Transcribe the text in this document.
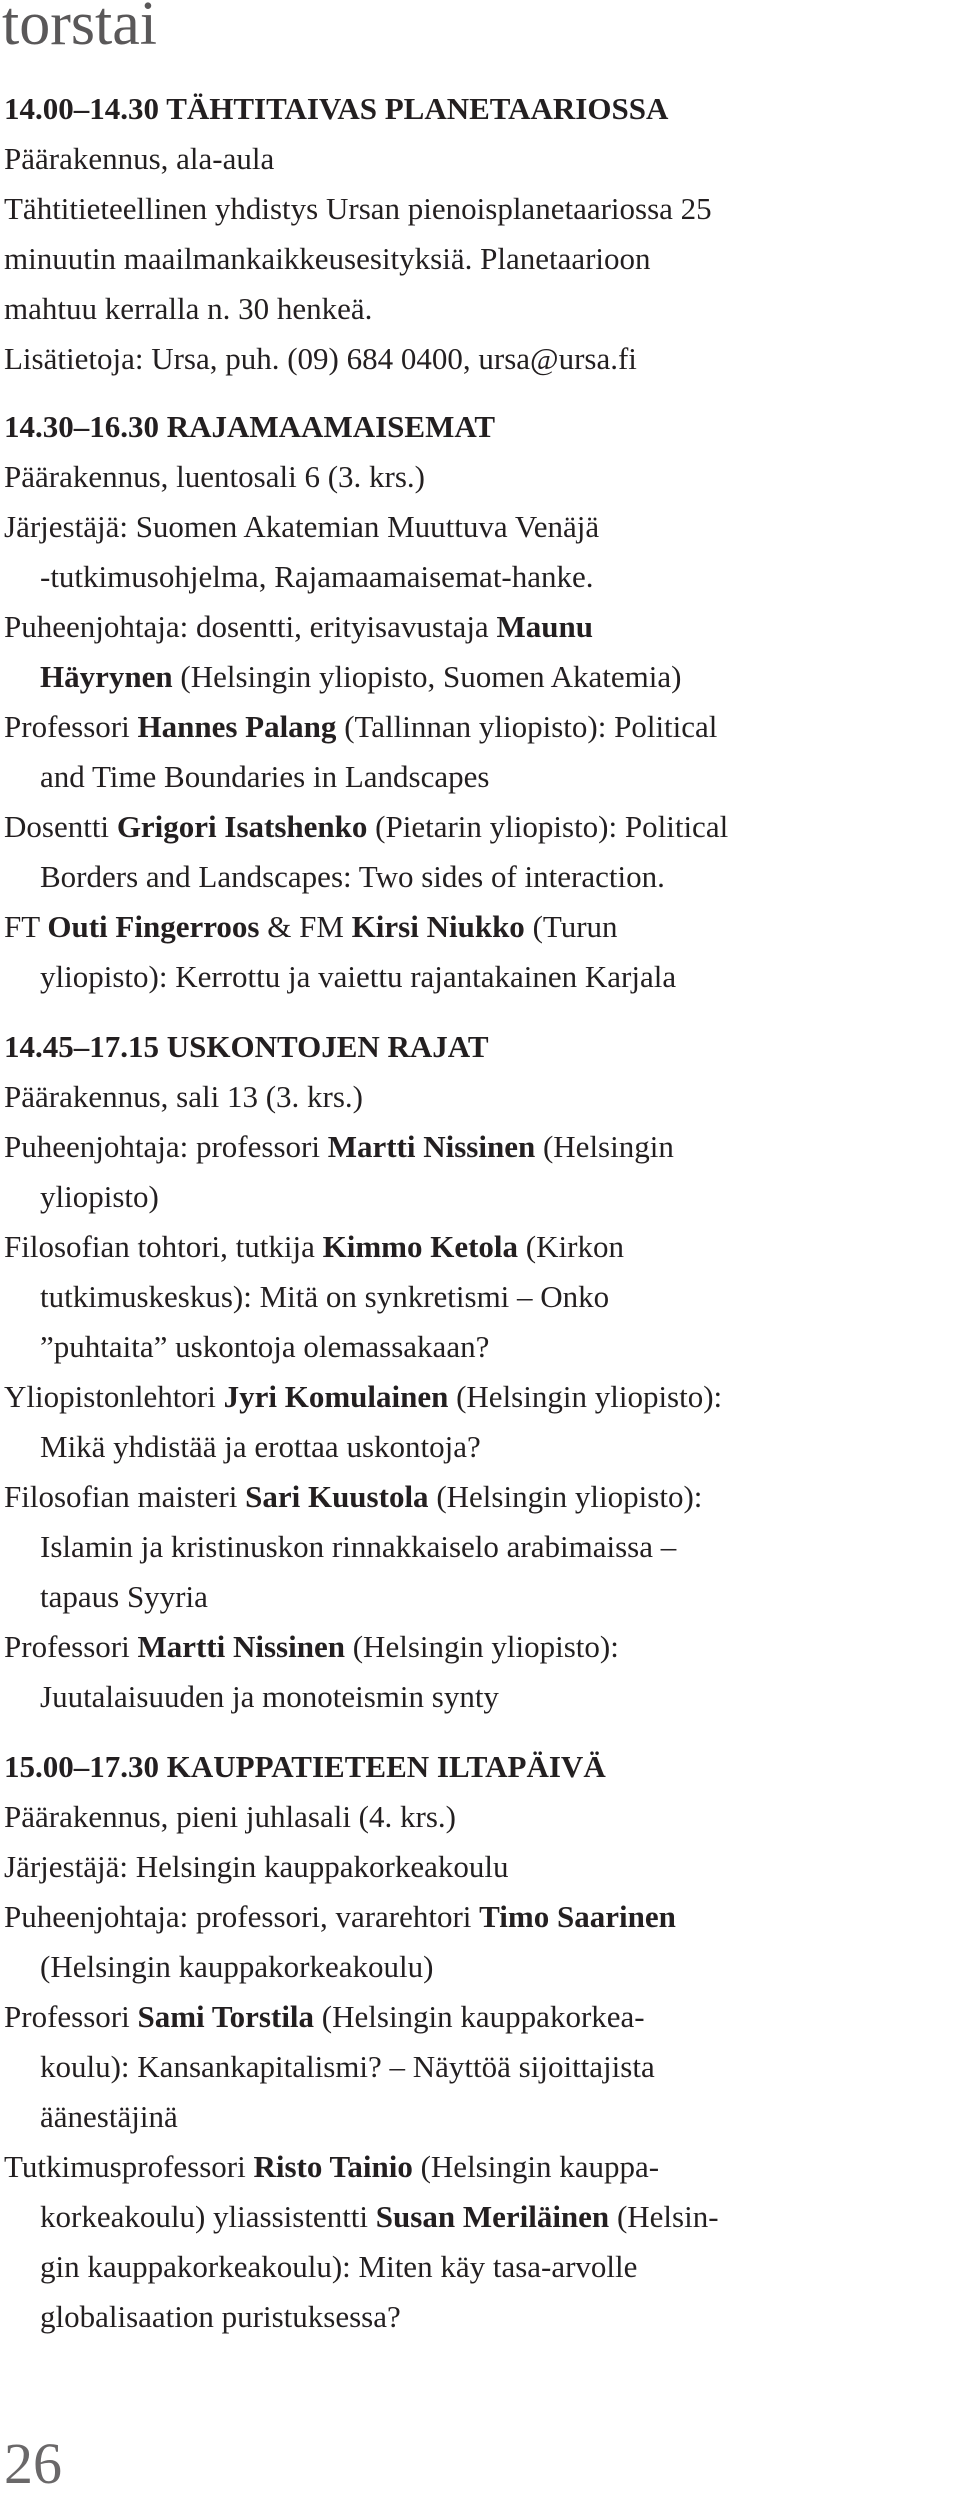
torstai
14.00–14.30 TÄHTITAIVAS PLANETAARIOSSA
Päärakennus, ala-aula
Tähtitieteellinen yhdistys Ursan pienoisplanetaariossa 25
minuutin maailmankaikkeusesityksiä. Planetaarioon
mahtuu kerralla n. 30 henkeä.
Lisätietoja: Ursa, puh. (09) 684 0400, ursa@ursa.fi
14.30–16.30 RAJAMAAMAISEMAT
Päärakennus, luentosali 6 (3. krs.)
Järjestäjä: Suomen Akatemian Muuttuva Venäjä
-tutkimusohjelma, Rajamaamaisemat-hanke.
Puheenjohtaja: dosentti, erityisavustaja Maunu
Häyrynen (Helsingin yliopisto, Suomen Akatemia)
Professori Hannes Palang (Tallinnan yliopisto): Political
and Time Boundaries in Landscapes
Dosentti Grigori Isatshenko (Pietarin yliopisto): Political
Borders and Landscapes: Two sides of interaction.
FT Outi Fingerroos & FM Kirsi Niukko (Turun
yliopisto): Kerrottu ja vaiettu rajantakainen Karjala
14.45–17.15 USKONTOJEN RAJAT
Päärakennus, sali 13 (3. krs.)
Puheenjohtaja: professori Martti Nissinen (Helsingin
yliopisto)
Filosofian tohtori, tutkija Kimmo Ketola (Kirkon
tutkimuskeskus): Mitä on synkretismi – Onko
”puhtaita” uskontoja olemassakaan?
Yliopistonlehtori Jyri Komulainen (Helsingin yliopisto):
Mikä yhdistää ja erottaa uskontoja?
Filosofian maisteri Sari Kuustola (Helsingin yliopisto):
Islamin ja kristinuskon rinnakkaiselo arabimaissa –
tapaus Syyria
Professori Martti Nissinen (Helsingin yliopisto):
Juutalaisuuden ja monoteismin synty
15.00–17.30 KAUPPATIETEEN ILTAPÄIVÄ
Päärakennus, pieni juhlasali (4. krs.)
Järjestäjä: Helsingin kauppakorkeakoulu
Puheenjohtaja: professori, vararehtori Timo Saarinen
(Helsingin kauppakorkeakoulu)
Professori Sami Torstila (Helsingin kauppakorkea-
koulu): Kansankapitalismi? – Näyttöä sijoittajista
äänestäjinä
Tutkimusprofessori Risto Tainio (Helsingin kauppa-
korkeakoulu) yliassistentti Susan Meriläinen (Helsin-
gin kauppakorkeakoulu): Miten käy tasa-arvolle
globalisaation puristuksessa?
26
